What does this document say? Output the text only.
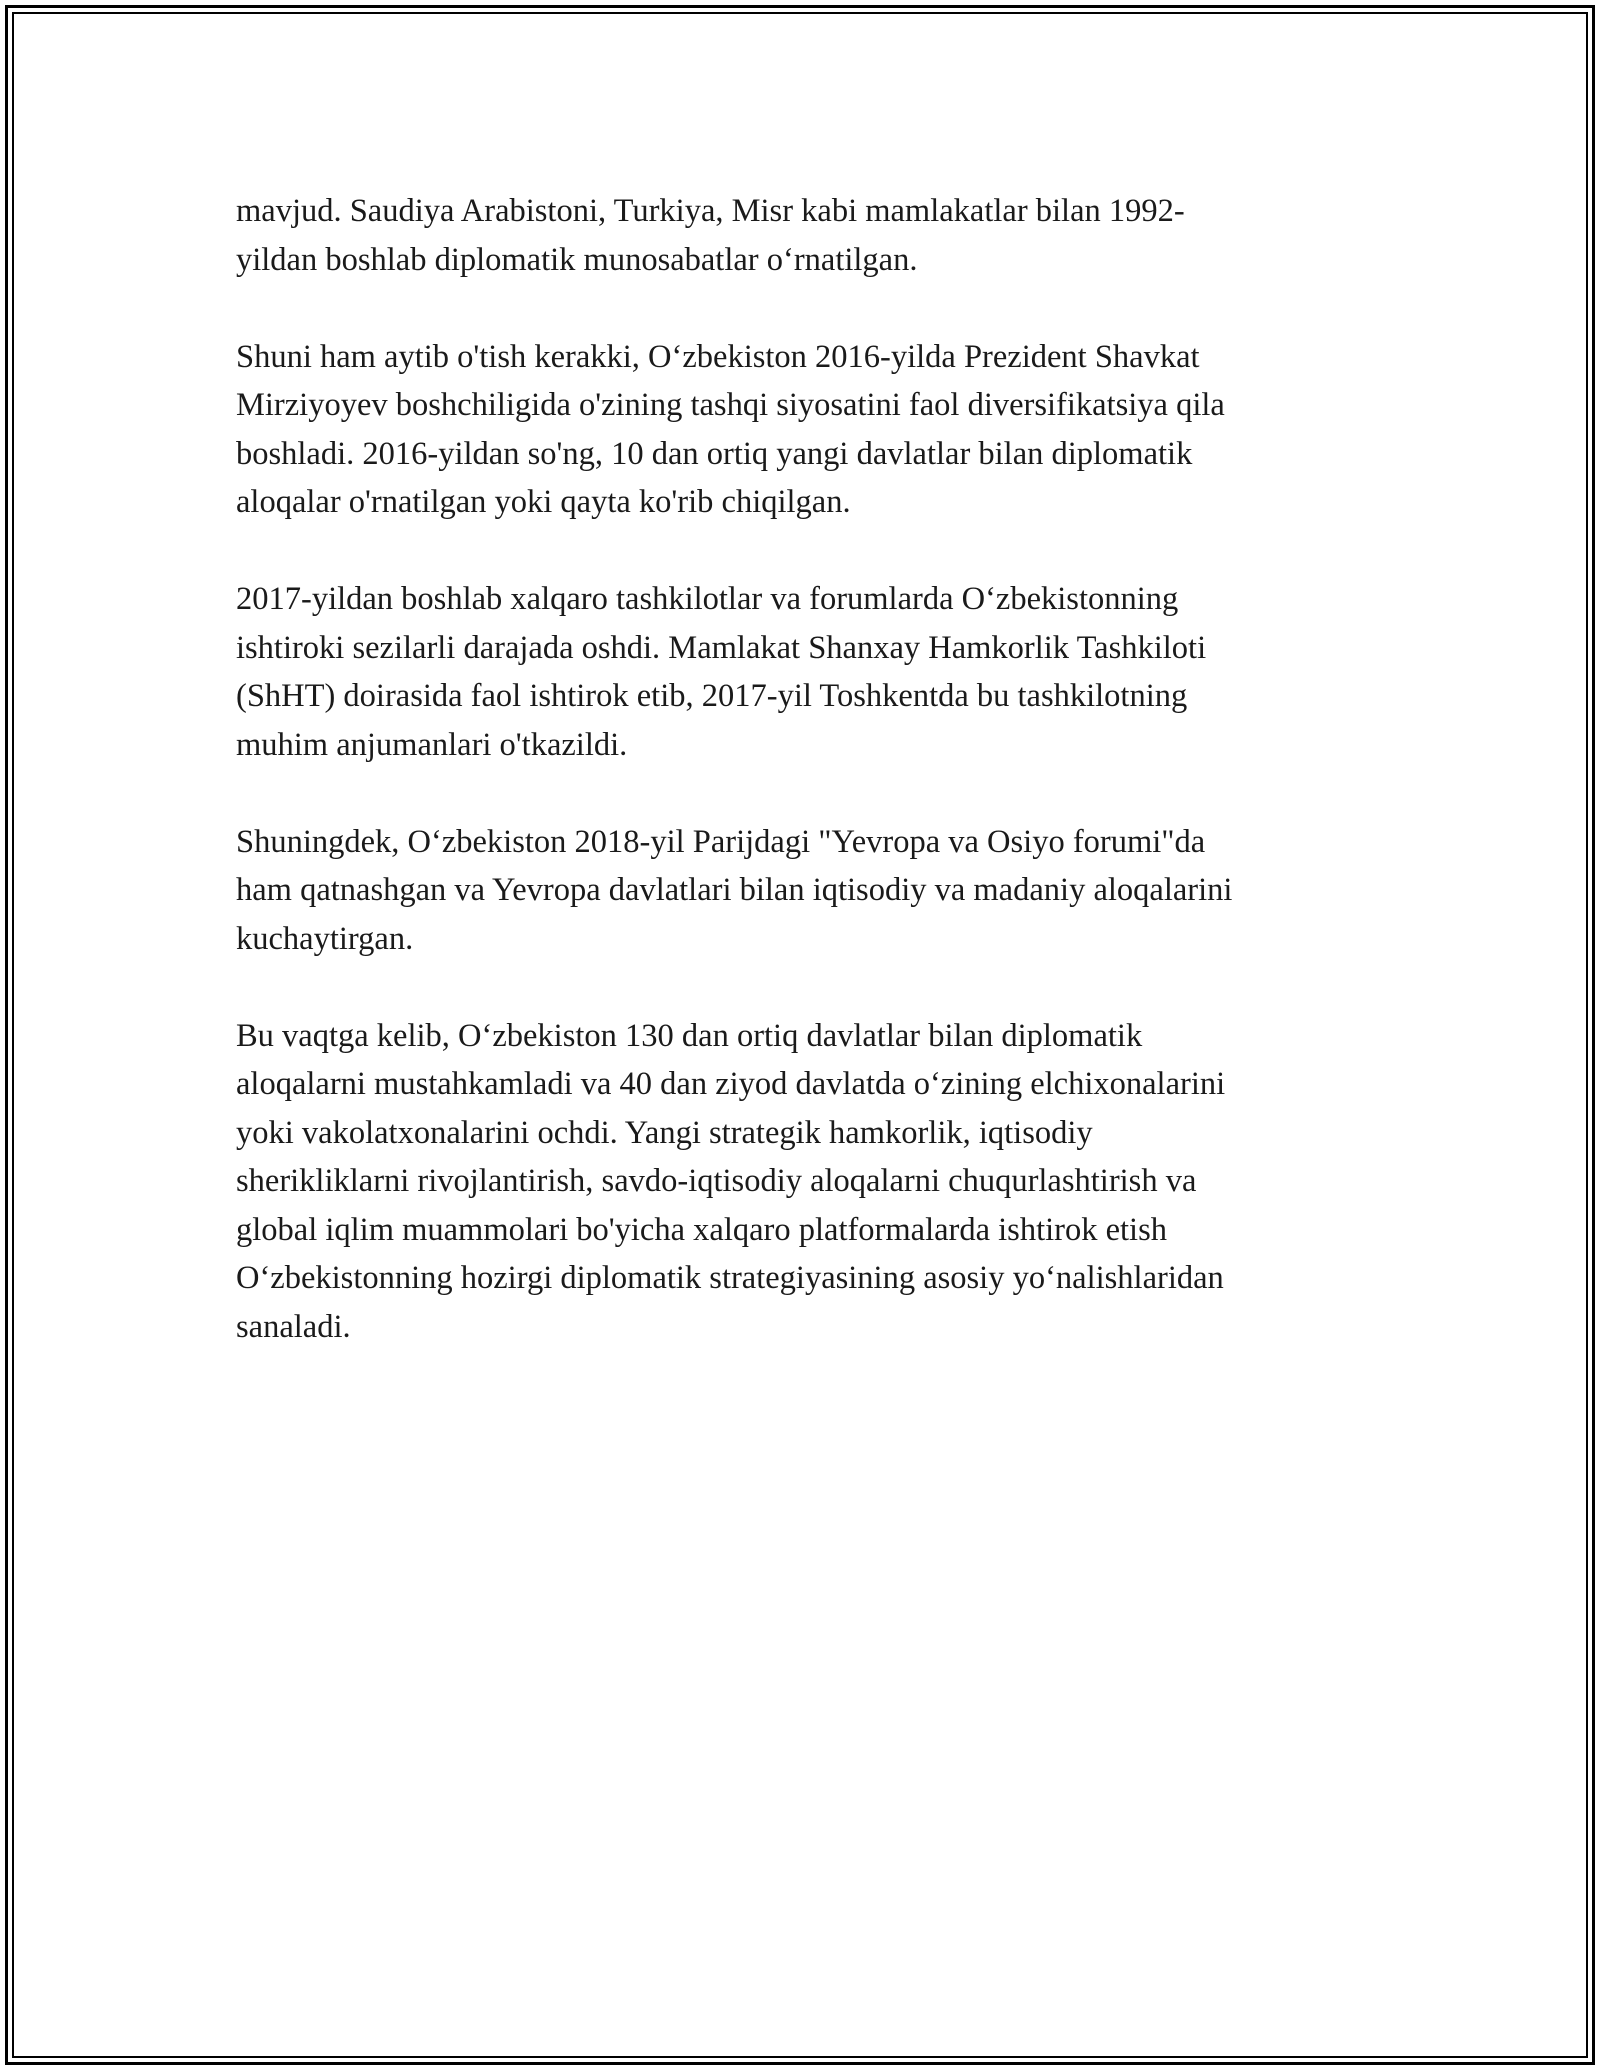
mavjud. Saudiya Arabistoni, Turkiya, Misr kabi mamlakatlar bilan 1992-
yildan boshlab diplomatik munosabatlar o‘rnatilgan.

Shuni ham aytib o'tish kerakki, O‘zbekiston 2016-yilda Prezident Shavkat
Mirziyoyev boshchiligida o'zining tashqi siyosatini faol diversifikatsiya qila
boshladi. 2016-yildan so'ng, 10 dan ortiq yangi davlatlar bilan diplomatik
aloqalar o'rnatilgan yoki qayta ko'rib chiqilgan.

2017-yildan boshlab xalqaro tashkilotlar va forumlarda O‘zbekistonning
ishtiroki sezilarli darajada oshdi. Mamlakat Shanxay Hamkorlik Tashkiloti
(ShHT) doirasida faol ishtirok etib, 2017-yil Toshkentda bu tashkilotning
muhim anjumanlari o'tkazildi.

Shuningdek, O‘zbekiston 2018-yil Parijdagi "Yevropa va Osiyo forumi"da
ham qatnashgan va Yevropa davlatlari bilan iqtisodiy va madaniy aloqalarini
kuchaytirgan.

Bu vaqtga kelib, O‘zbekiston 130 dan ortiq davlatlar bilan diplomatik
aloqalarni mustahkamladi va 40 dan ziyod davlatda o‘zining elchixonalarini
yoki vakolatxonalarini ochdi. Yangi strategik hamkorlik, iqtisodiy
sherikliklarni rivojlantirish, savdo-iqtisodiy aloqalarni chuqurlashtirish va
global iqlim muammolari bo'yicha xalqaro platformalarda ishtirok etish
O‘zbekistonning hozirgi diplomatik strategiyasining asosiy yo‘nalishlaridan
sanaladi.
